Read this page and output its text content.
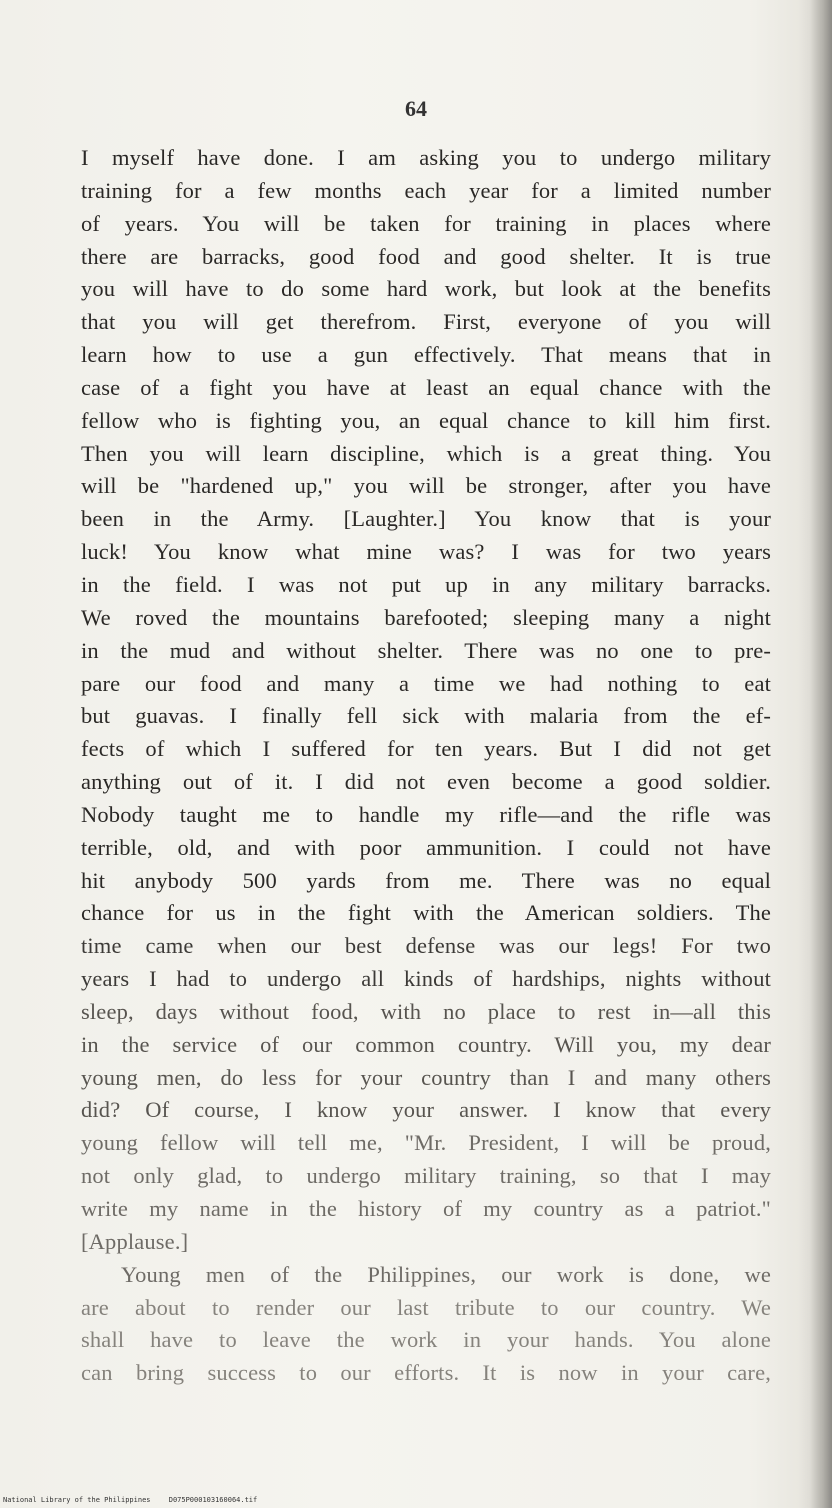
64
I myself have done. I am asking you to undergo military
training for a few months each year for a limited number
of years. You will be taken for training in places where
there are barracks, good food and good shelter. It is true
you will have to do some hard work, but look at the benefits
that you will get therefrom. First, everyone of you will
learn how to use a gun effectively. That means that in
case of a fight you have at least an equal chance with the
fellow who is fighting you, an equal chance to kill him first.
Then you will learn discipline, which is a great thing. You
will be "hardened up," you will be stronger, after you have
been in the Army. [Laughter.] You know that is your
luck! You know what mine was? I was for two years
in the field. I was not put up in any military barracks.
We roved the mountains barefooted; sleeping many a night
in the mud and without shelter. There was no one to pre-
pare our food and many a time we had nothing to eat
but guavas. I finally fell sick with malaria from the ef-
fects of which I suffered for ten years. But I did not get
anything out of it. I did not even become a good soldier.
Nobody taught me to handle my rifle—and the rifle was
terrible, old, and with poor ammunition. I could not have
hit anybody 500 yards from me. There was no equal
chance for us in the fight with the American soldiers. The
time came when our best defense was our legs! For two
years I had to undergo all kinds of hardships, nights without
sleep, days without food, with no place to rest in—all this
in the service of our common country. Will you, my dear
young men, do less for your country than I and many others
did? Of course, I know your answer. I know that every
young fellow will tell me, "Mr. President, I will be proud,
not only glad, to undergo military training, so that I may
write my name in the history of my country as a patriot."
[Applause.]
Young men of the Philippines, our work is done, we
are about to render our last tribute to our country. We
shall have to leave the work in your hands. You alone
can bring success to our efforts. It is now in your care,
National Library of the Philippines	D075P000103160064.tif
